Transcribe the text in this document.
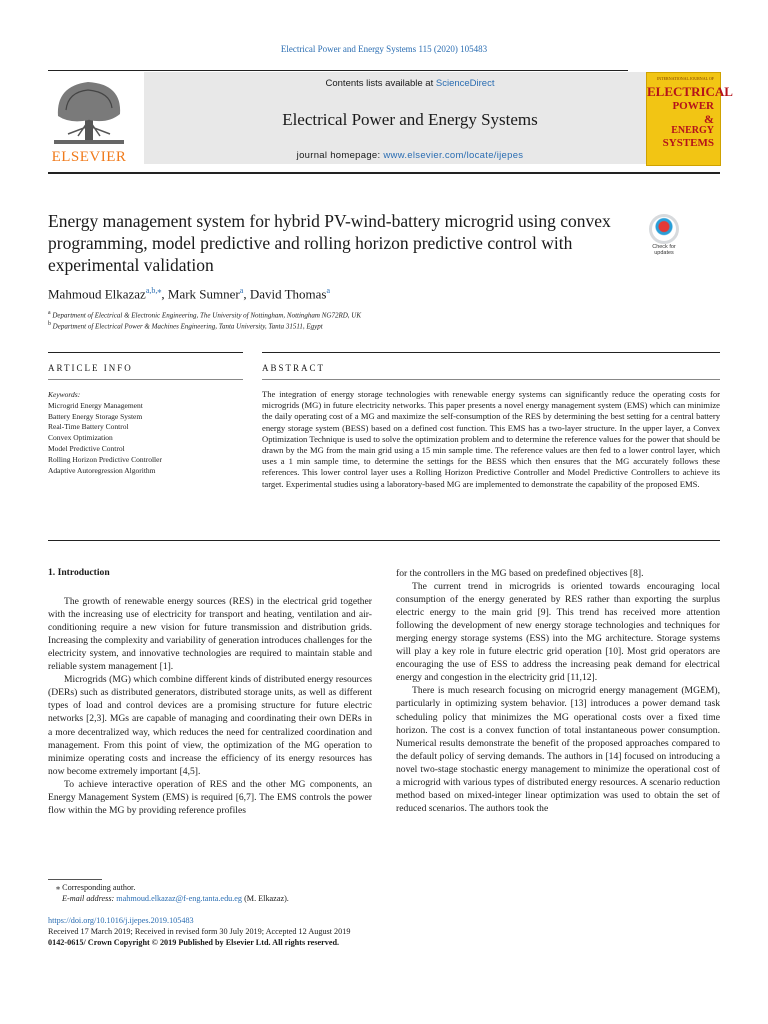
Electrical Power and Energy Systems 115 (2020) 105483
ELSEVIER
Contents lists available at ScienceDirect
Electrical Power and Energy Systems
journal homepage: www.elsevier.com/locate/ijepes
INTERNATIONAL JOURNAL OF
ELECTRICAL
POWER
&
ENERGY
SYSTEMS
Energy management system for hybrid PV-wind-battery microgrid using convex programming, model predictive and rolling horizon predictive control with experimental validation
Check for updates
Mahmoud Elkazaz$^{a,b,⁎}$, Mark Sumner$^a$, David Thomas$^a$
$^a$ Department of Electrical & Electronic Engineering, The University of Nottingham, Nottingham NG72RD, UK
$^b$ Department of Electrical Power & Machines Engineering, Tanta University, Tanta 31511, Egypt
ARTICLE INFO	ABSTRACT
Keywords:
Microgrid Energy Management
Battery Energy Storage System
Real-Time Battery Control
Convex Optimization
Model Predictive Control
Rolling Horizon Predictive Controller
Adaptive Autoregression Algorithm
The integration of energy storage technologies with renewable energy systems can significantly reduce the operating costs for microgrids (MG) in future electricity networks. This paper presents a novel energy management system (EMS) which can minimize the daily operating cost of a MG and maximize the self-consumption of the RES by determining the best setting for a central battery energy storage system (BESS) based on a defined cost function. This EMS has a two-layer structure. In the upper layer, a Convex Optimization Technique is used to solve the optimization problem and to determine the reference values for the power that should be drawn by the MG from the main grid using a 15 min sample time. The reference values are then fed to a lower control layer, which uses a 1 min sample time, to determine the settings for the BESS which then ensures that the MG accurately follows these references. This lower control layer uses a Rolling Horizon Predictive Controller and Model Predictive Controllers to achieve its target. Experimental studies using a laboratory-based MG are implemented to demonstrate the capability of the proposed EMS.
1. Introduction

The growth of renewable energy sources (RES) in the electrical grid together with the increasing use of electricity for transport and heating, ventilation and air-conditioning require a new vision for future transmission and distribution grids. Increasing the complexity and variability of generation introduces challenges for the electricity system, and innovative technologies are required to maintain stable and reliable system management [1].

Microgrids (MG) which combine different kinds of distributed energy resources (DERs) such as distributed generators, distributed storage units, as well as different types of load and control devices are a promising structure for future electric networks [2,3]. MGs are capable of managing and coordinating their own DERs in a more decentralized way, which reduces the need for centralized coordination and management. From this point of view, the optimization of the MG operation to minimize operating costs and increase the efficiency of its energy resources has now become extremely important [4,5].

To achieve interactive operation of RES and the other MG components, an Energy Management System (EMS) is required [6,7]. The EMS controls the power flow within the MG by providing reference profiles

for the controllers in the MG based on predefined objectives [8].

The current trend in microgrids is oriented towards encouraging local consumption of the energy generated by RES rather than exporting the surplus electric energy to the main grid [9]. This trend has received more attention following the development of new energy storage technologies and techniques for merging energy storage systems (ESS) into the MG architecture. Storage systems will play a key role in future electric grid operation [10]. Most grid operators are encouraging the use of ESS to address the increasing peak demand for electrical energy and congestion in the electricity grid [11,12].

There is much research focusing on microgrid energy management (MGEM), particularly in optimizing system behavior. [13] introduces a power demand task scheduling policy that minimizes the MG operational costs over a fixed time horizon. The cost is a convex function of total instantaneous power consumption. Numerical results demonstrate the benefit of the proposed approaches compared to the default policy of serving demands. The authors in [14] focused on introducing a novel two-stage stochastic energy management to minimize the operational cost of a microgrid with various types of distributed energy resources. A scenario reduction method based on mixed-integer linear optimization was used to obtain the set of reduced scenarios. The authors took the

⁎ Corresponding author.
E-mail address: mahmoud.elkazaz@f-eng.tanta.edu.eg (M. Elkazaz).
https://doi.org/10.1016/j.ijepes.2019.105483
Received 17 March 2019; Received in revised form 30 July 2019; Accepted 12 August 2019
0142-0615/ Crown Copyright © 2019 Published by Elsevier Ltd. All rights reserved.
